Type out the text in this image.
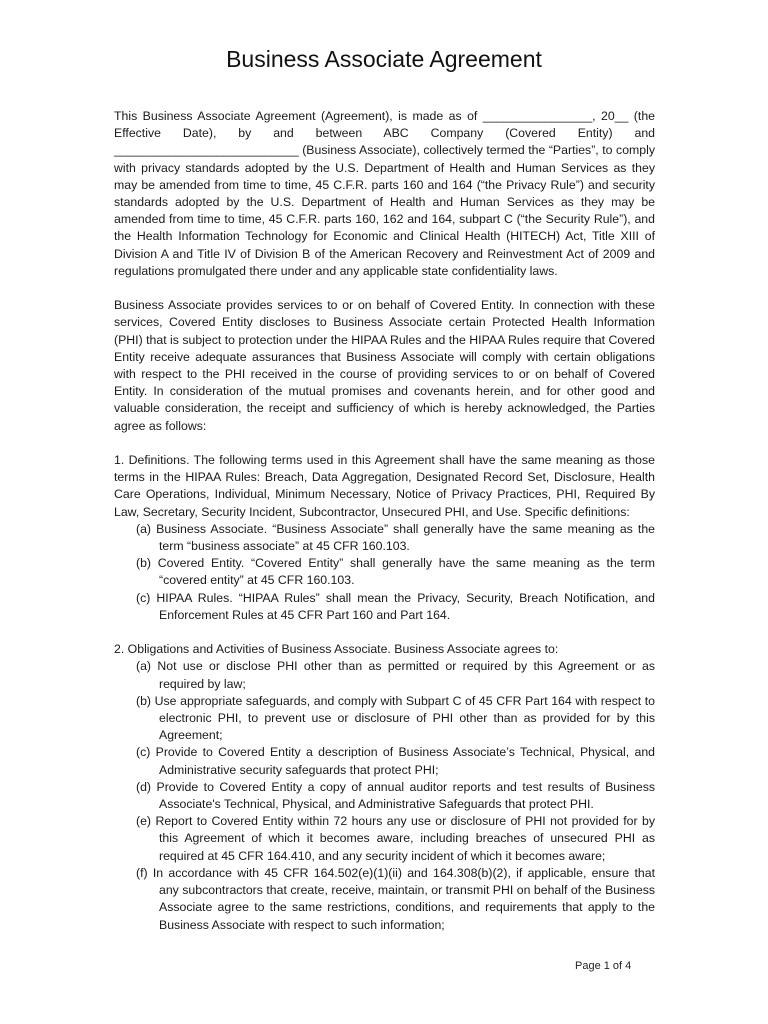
Business Associate Agreement

This Business Associate Agreement (Agreement), is made as of ________________, 20__ (the Effective Date), by and between ABC Company (Covered Entity) and ___________________________ (Business Associate), collectively termed the “Parties”, to comply with privacy standards adopted by the U.S. Department of Health and Human Services as they may be amended from time to time, 45 C.F.R. parts 160 and 164 (“the Privacy Rule”) and security standards adopted by the U.S. Department of Health and Human Services as they may be amended from time to time, 45 C.F.R. parts 160, 162 and 164, subpart C (“the Security Rule”), and the Health Information Technology for Economic and Clinical Health (HITECH) Act, Title XIII of Division A and Title IV of Division B of the American Recovery and Reinvestment Act of 2009 and regulations promulgated there under and any applicable state confidentiality laws.

Business Associate provides services to or on behalf of Covered Entity. In connection with these services, Covered Entity discloses to Business Associate certain Protected Health Information (PHI) that is subject to protection under the HIPAA Rules and the HIPAA Rules require that Covered Entity receive adequate assurances that Business Associate will comply with certain obligations with respect to the PHI received in the course of providing services to or on behalf of Covered Entity. In consideration of the mutual promises and covenants herein, and for other good and valuable consideration, the receipt and sufficiency of which is hereby acknowledged, the Parties agree as follows:

1. Definitions. The following terms used in this Agreement shall have the same meaning as those terms in the HIPAA Rules: Breach, Data Aggregation, Designated Record Set, Disclosure, Health Care Operations, Individual, Minimum Necessary, Notice of Privacy Practices, PHI, Required By Law, Secretary, Security Incident, Subcontractor, Unsecured PHI, and Use. Specific definitions:

(a) Business Associate. “Business Associate” shall generally have the same meaning as the term “business associate” at 45 CFR 160.103.

(b) Covered Entity. “Covered Entity” shall generally have the same meaning as the term “covered entity” at 45 CFR 160.103.

(c) HIPAA Rules. “HIPAA Rules” shall mean the Privacy, Security, Breach Notification, and Enforcement Rules at 45 CFR Part 160 and Part 164.

2. Obligations and Activities of Business Associate. Business Associate agrees to:

(a) Not use or disclose PHI other than as permitted or required by this Agreement or as required by law;

(b) Use appropriate safeguards, and comply with Subpart C of 45 CFR Part 164 with respect to electronic PHI, to prevent use or disclosure of PHI other than as provided for by this Agreement;

(c) Provide to Covered Entity a description of Business Associate’s Technical, Physical, and Administrative security safeguards that protect PHI;

(d) Provide to Covered Entity a copy of annual auditor reports and test results of Business Associate's Technical, Physical, and Administrative Safeguards that protect PHI.

(e) Report to Covered Entity within 72 hours any use or disclosure of PHI not provided for by this Agreement of which it becomes aware, including breaches of unsecured PHI as required at 45 CFR 164.410, and any security incident of which it becomes aware;

(f) In accordance with 45 CFR 164.502(e)(1)(ii) and 164.308(b)(2), if applicable, ensure that any subcontractors that create, receive, maintain, or transmit PHI on behalf of the Business Associate agree to the same restrictions, conditions, and requirements that apply to the Business Associate with respect to such information;

Page 1 of 4
